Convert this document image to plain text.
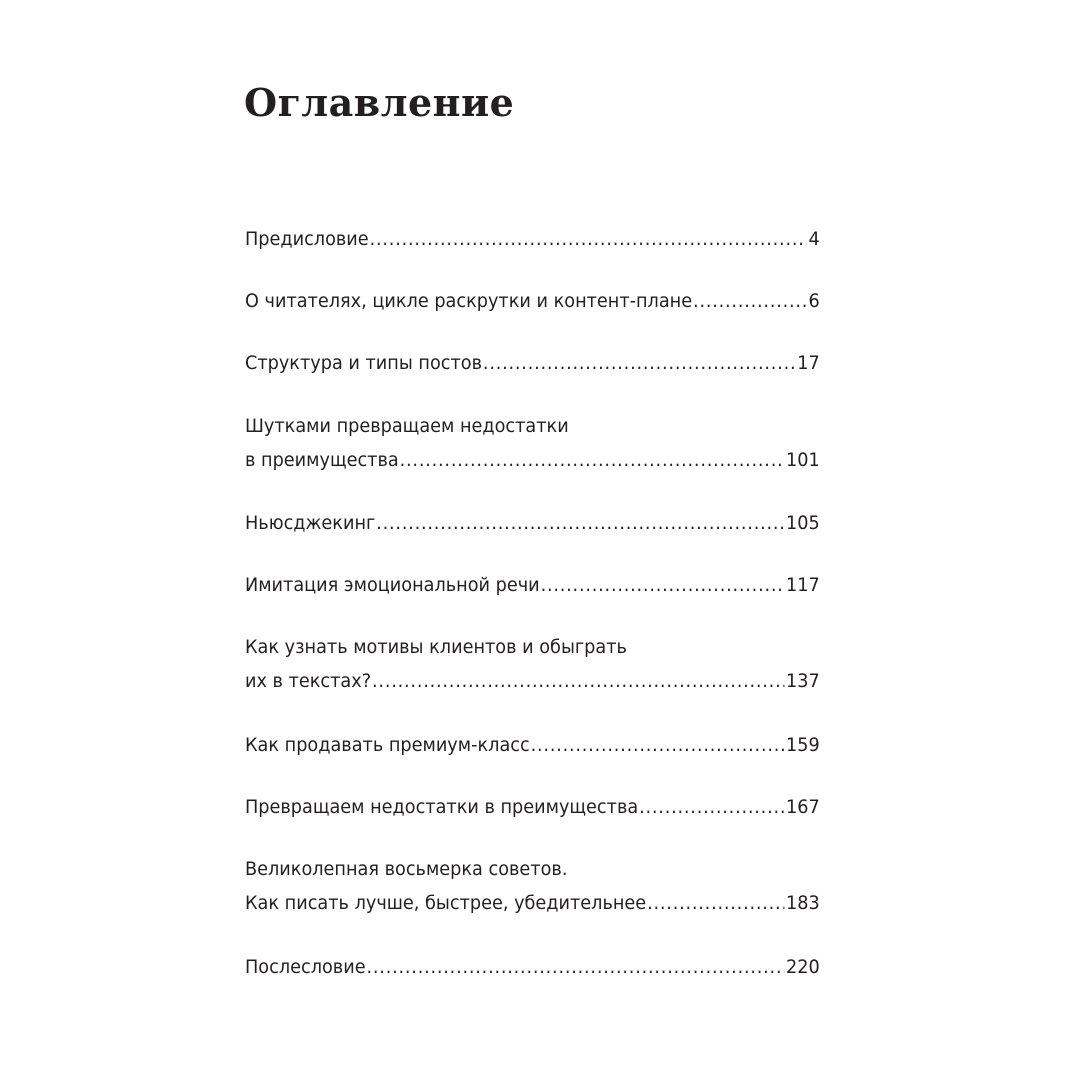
Оглавление
Предисловие . . .	4
О читателях, цикле раскрутки и контент-плане . . .	6
Структура и типы постов . . .	17
Шутками превращаем недостатки
в преимущества . . .	101
Ньюсджекинг . . .	105
Имитация эмоциональной речи . . .	117
Как узнать мотивы клиентов и обыграть
их в текстах? . . .	137
Как продавать премиум-класс . . .	159
Превращаем недостатки в преимущества . . .	167
Великолепная восьмерка советов.
Как писать лучше, быстрее, убедительнее . . .	183
Послесловие . . .	220
